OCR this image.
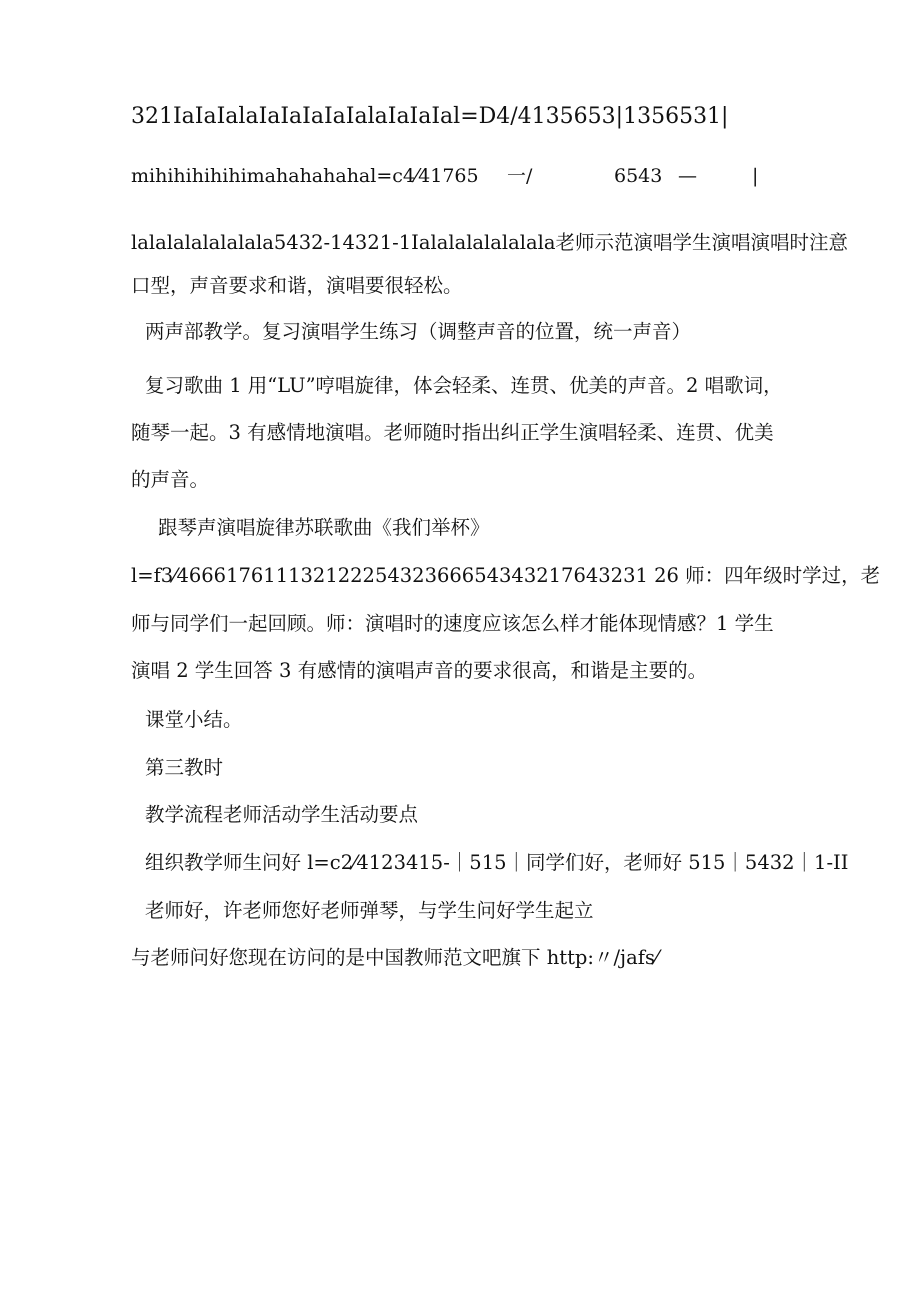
321IaIaIalaIaIaIaIaIalaIaIaIal=D4/4135653|1356531|
mihihihihihimahahahahal=c4⁄41765 一/	6543 —	|
lalalalalalalala5432-14321-1Ialalalalalalala老师示范演唱学生演唱演唱时注意
口型，声音要求和谐，演唱要很轻松。
两声部教学。复习演唱学生练习（调整声音的位置，统一声音）
复习歌曲 1 用“LU”哼唱旋律，体会轻柔、连贯、优美的声音。2 唱歌词，
随琴一起。3 有感情地演唱。老师随时指出纠正学生演唱轻柔、连贯、优美
的声音。
跟琴声演唱旋律苏联歌曲《我们举杯》
l=f3⁄46661761113212225432366654343217643231 26 师：四年级时学过，老
师与同学们一起回顾。师：演唱时的速度应该怎么样才能体现情感？1 学生
演唱 2 学生回答 3 有感情的演唱声音的要求很高，和谐是主要的。
课堂小结。
第三教时
教学流程老师活动学生活动要点
组织教学师生问好 l=c2⁄4123415-｜515｜同学们好，老师好 515｜5432｜1-II
老师好，许老师您好老师弹琴，与学生问好学生起立
与老师问好您现在访问的是中国教师范文吧旗下 http:〃/jafs⁄
